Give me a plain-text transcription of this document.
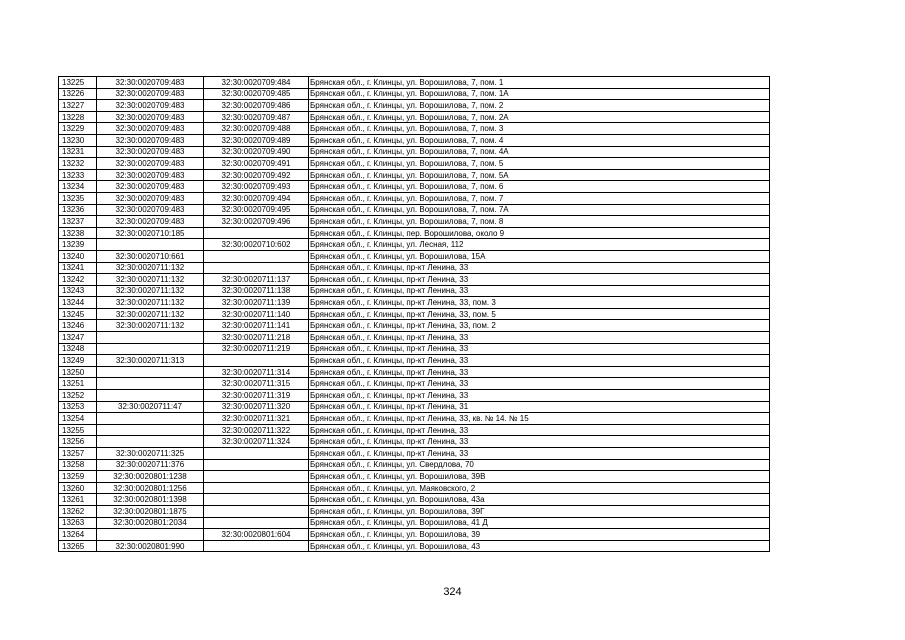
13225	32:30:0020709:483	32:30:0020709:484	Брянская обл., г. Клинцы, ул. Ворошилова, 7, пом. 1
13226	32:30:0020709:483	32:30:0020709:485	Брянская обл., г. Клинцы, ул. Ворошилова, 7, пом. 1А
13227	32:30:0020709:483	32:30:0020709:486	Брянская обл., г. Клинцы, ул. Ворошилова, 7, пом. 2
13228	32:30:0020709:483	32:30:0020709:487	Брянская обл., г. Клинцы, ул. Ворошилова, 7, пом. 2А
13229	32:30:0020709:483	32:30:0020709:488	Брянская обл., г. Клинцы, ул. Ворошилова, 7, пом. 3
13230	32:30:0020709:483	32:30:0020709:489	Брянская обл., г. Клинцы, ул. Ворошилова, 7, пом. 4
13231	32:30:0020709:483	32:30:0020709:490	Брянская обл., г. Клинцы, ул. Ворошилова, 7, пом. 4А
13232	32:30:0020709:483	32:30:0020709:491	Брянская обл., г. Клинцы, ул. Ворошилова, 7, пом. 5
13233	32:30:0020709:483	32:30:0020709:492	Брянская обл., г. Клинцы, ул. Ворошилова, 7, пом. 5А
13234	32:30:0020709:483	32:30:0020709:493	Брянская обл., г. Клинцы, ул. Ворошилова, 7, пом. 6
13235	32:30:0020709:483	32:30:0020709:494	Брянская обл., г. Клинцы, ул. Ворошилова, 7, пом. 7
13236	32:30:0020709:483	32:30:0020709:495	Брянская обл., г. Клинцы, ул. Ворошилова, 7, пом. 7А
13237	32:30:0020709:483	32:30:0020709:496	Брянская обл., г. Клинцы, ул. Ворошилова, 7, пом. 8
13238	32:30:0020710:185		Брянская обл., г. Клинцы, пер. Ворошилова, около 9
13239		32:30:0020710:602	Брянская обл., г. Клинцы, ул. Лесная, 112
13240	32:30:0020710:661		Брянская обл., г. Клинцы, ул. Ворошилова, 15А
13241	32:30:0020711:132		Брянская обл., г. Клинцы, пр-кт Ленина, 33
13242	32:30:0020711:132	32:30:0020711:137	Брянская обл., г. Клинцы, пр-кт Ленина, 33
13243	32:30:0020711:132	32:30:0020711:138	Брянская обл., г. Клинцы, пр-кт Ленина, 33
13244	32:30:0020711:132	32:30:0020711:139	Брянская обл., г. Клинцы, пр-кт Ленина, 33, пом. 3
13245	32:30:0020711:132	32:30:0020711:140	Брянская обл., г. Клинцы, пр-кт Ленина, 33, пом. 5
13246	32:30:0020711:132	32:30:0020711:141	Брянская обл., г. Клинцы, пр-кт Ленина, 33, пом. 2
13247		32:30:0020711:218	Брянская обл., г. Клинцы, пр-кт Ленина, 33
13248		32:30:0020711:219	Брянская обл., г. Клинцы, пр-кт Ленина, 33
13249	32:30:0020711:313		Брянская обл., г. Клинцы, пр-кт Ленина, 33
13250		32:30:0020711:314	Брянская обл., г. Клинцы, пр-кт Ленина, 33
13251		32:30:0020711:315	Брянская обл., г. Клинцы, пр-кт Ленина, 33
13252		32:30:0020711:319	Брянская обл., г. Клинцы, пр-кт Ленина, 33
13253	32:30:0020711:47	32:30:0020711:320	Брянская обл., г. Клинцы, пр-кт Ленина, 31
13254		32:30:0020711:321	Брянская обл., г. Клинцы, пр-кт Ленина, 33, кв. № 14. № 15
13255		32:30:0020711:322	Брянская обл., г. Клинцы, пр-кт Ленина, 33
13256		32:30:0020711:324	Брянская обл., г. Клинцы, пр-кт Ленина, 33
13257	32:30:0020711:325		Брянская обл., г. Клинцы, пр-кт Ленина, 33
13258	32:30:0020711:376		Брянская обл., г. Клинцы, ул. Свердлова, 70
13259	32:30:0020801:1238		Брянская обл., г. Клинцы, ул. Ворошилова, 39В
13260	32:30:0020801:1256		Брянская обл., г. Клинцы, ул. Маяковского, 2
13261	32:30:0020801:1398		Брянская обл., г. Клинцы, ул. Ворошилова, 43а
13262	32:30:0020801:1875		Брянская обл., г. Клинцы, ул. Ворошилова, 39Г
13263	32:30:0020801:2034		Брянская обл., г. Клинцы, ул. Ворошилова, 41 Д
13264		32:30:0020801:604	Брянская обл., г. Клинцы, ул. Ворошилова, 39
13265	32:30:0020801:990		Брянская обл., г. Клинцы, ул. Ворошилова, 43
324
